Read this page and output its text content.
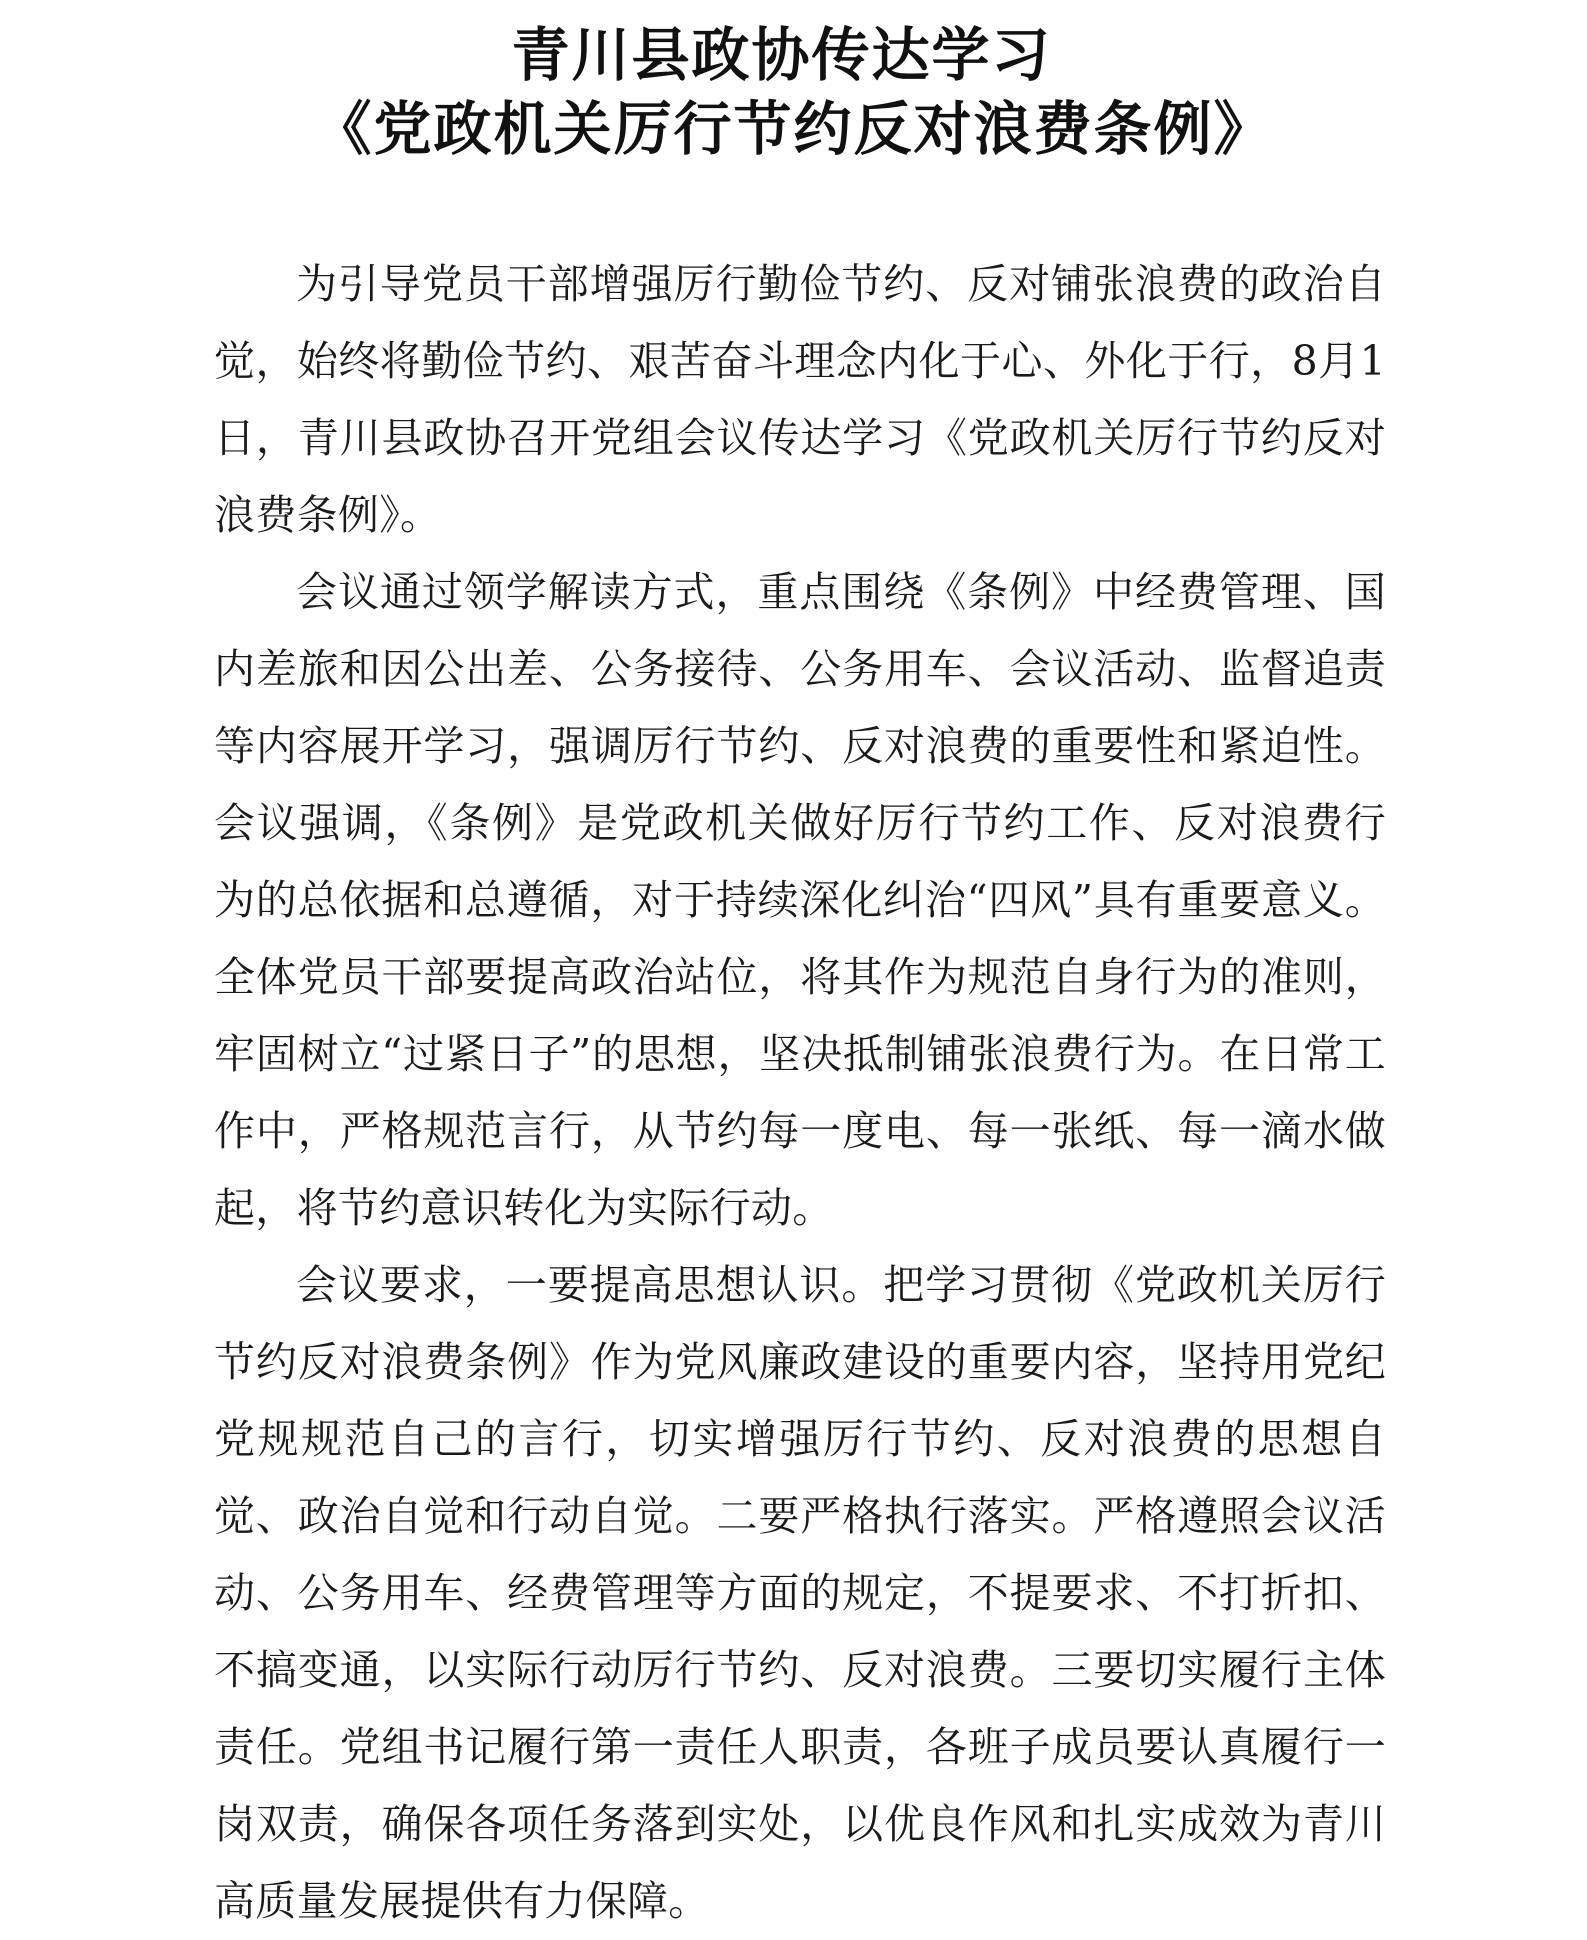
青川县政协传达学习
《党政机关厉行节约反对浪费条例》

为引导党员干部增强厉行勤俭节约、反对铺张浪费的政治自觉，始终将勤俭节约、艰苦奋斗理念内化于心、外化于行，8月1日，青川县政协召开党组会议传达学习《党政机关厉行节约反对浪费条例》。

会议通过领学解读方式，重点围绕《条例》中经费管理、国内差旅和因公出差、公务接待、公务用车、会议活动、监督追责等内容展开学习，强调厉行节约、反对浪费的重要性和紧迫性。会议强调，《条例》是党政机关做好厉行节约工作、反对浪费行为的总依据和总遵循，对于持续深化纠治“四风”具有重要意义。全体党员干部要提高政治站位，将其作为规范自身行为的准则，牢固树立“过紧日子”的思想，坚决抵制铺张浪费行为。在日常工作中，严格规范言行，从节约每一度电、每一张纸、每一滴水做起，将节约意识转化为实际行动。

会议要求，一要提高思想认识。把学习贯彻《党政机关厉行节约反对浪费条例》作为党风廉政建设的重要内容，坚持用党纪党规规范自己的言行，切实增强厉行节约、反对浪费的思想自觉、政治自觉和行动自觉。二要严格执行落实。严格遵照会议活动、公务用车、经费管理等方面的规定，不提要求、不打折扣、不搞变通，以实际行动厉行节约、反对浪费。三要切实履行主体责任。党组书记履行第一责任人职责，各班子成员要认真履行一岗双责，确保各项任务落到实处，以优良作风和扎实成效为青川高质量发展提供有力保障。
